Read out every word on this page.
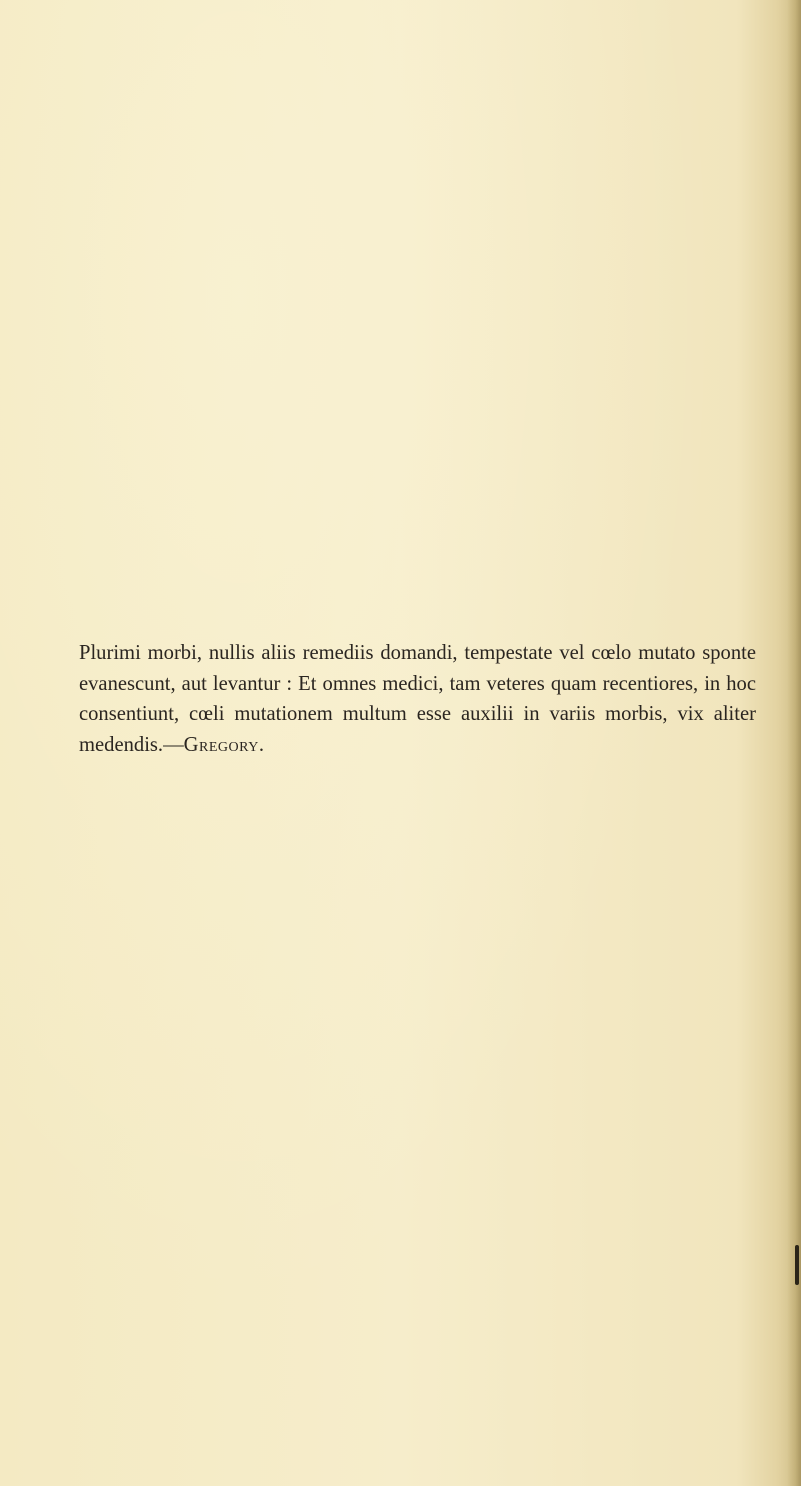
Plurimi morbi, nullis aliis remediis domandi, tempestate vel cœlo mutato sponte evanescunt, aut levantur : Et omnes medici, tam veteres quam recentiores, in hoc consentiunt, cœli mutationem multum esse auxilii in variis morbis, vix aliter medendis.—Gregory.
